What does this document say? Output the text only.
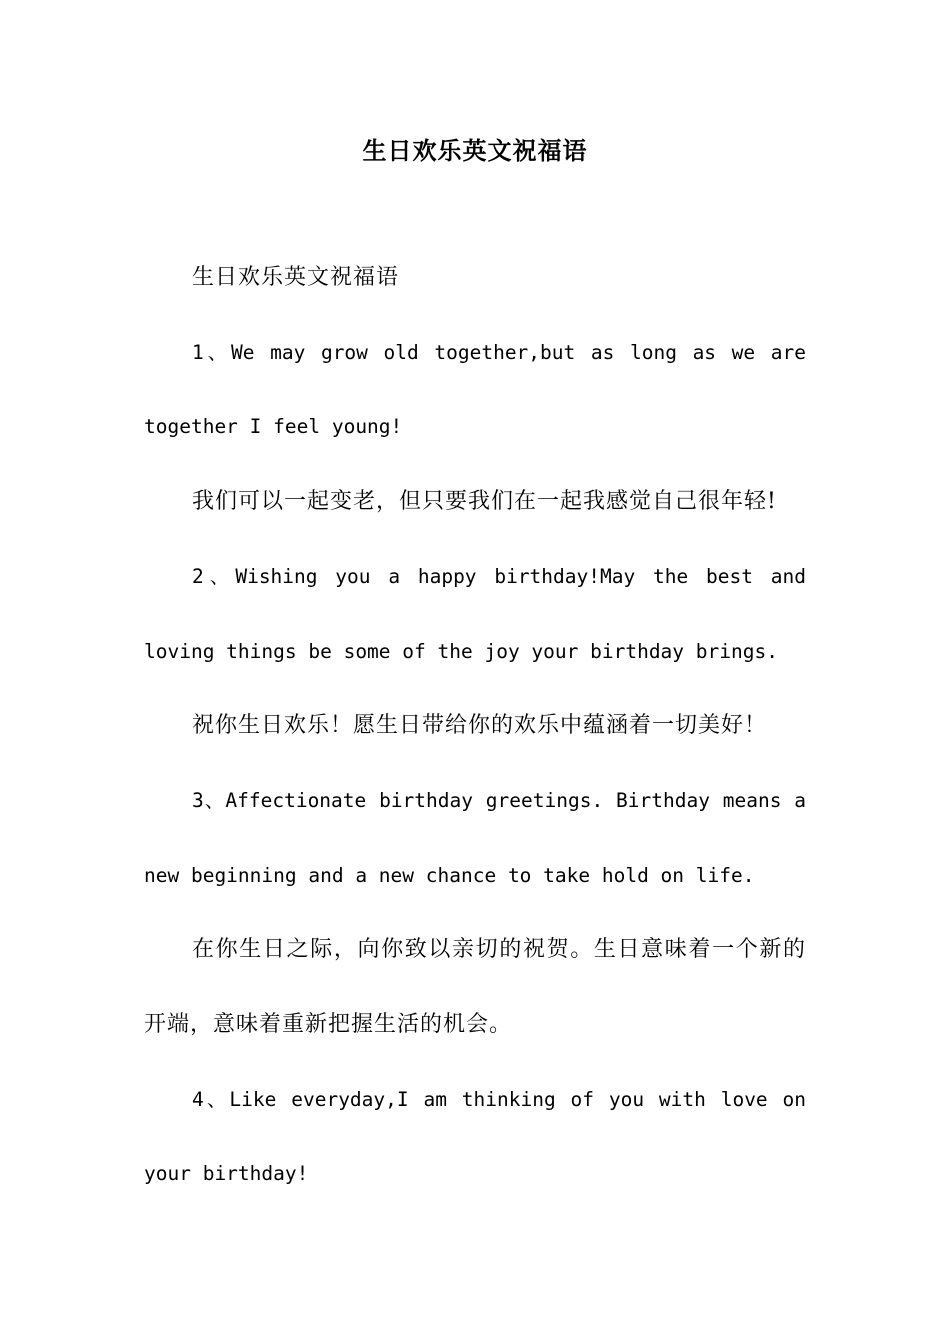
生日欢乐英文祝福语

生日欢乐英文祝福语

1、We may grow old together,but as long as we are together I feel young!

我们可以一起变老，但只要我们在一起我感觉自己很年轻!

2、Wishing you a happy birthday!May the best and loving things be some of the joy your birthday brings.

祝你生日欢乐！愿生日带给你的欢乐中蕴涵着一切美好！

3、Affectionate birthday greetings. Birthday means a new beginning and a new chance to take hold on life.

在你生日之际，向你致以亲切的祝贺。生日意味着一个新的开端，意味着重新把握生活的机会。

4、Like everyday,I am thinking of you with love on your birthday!
